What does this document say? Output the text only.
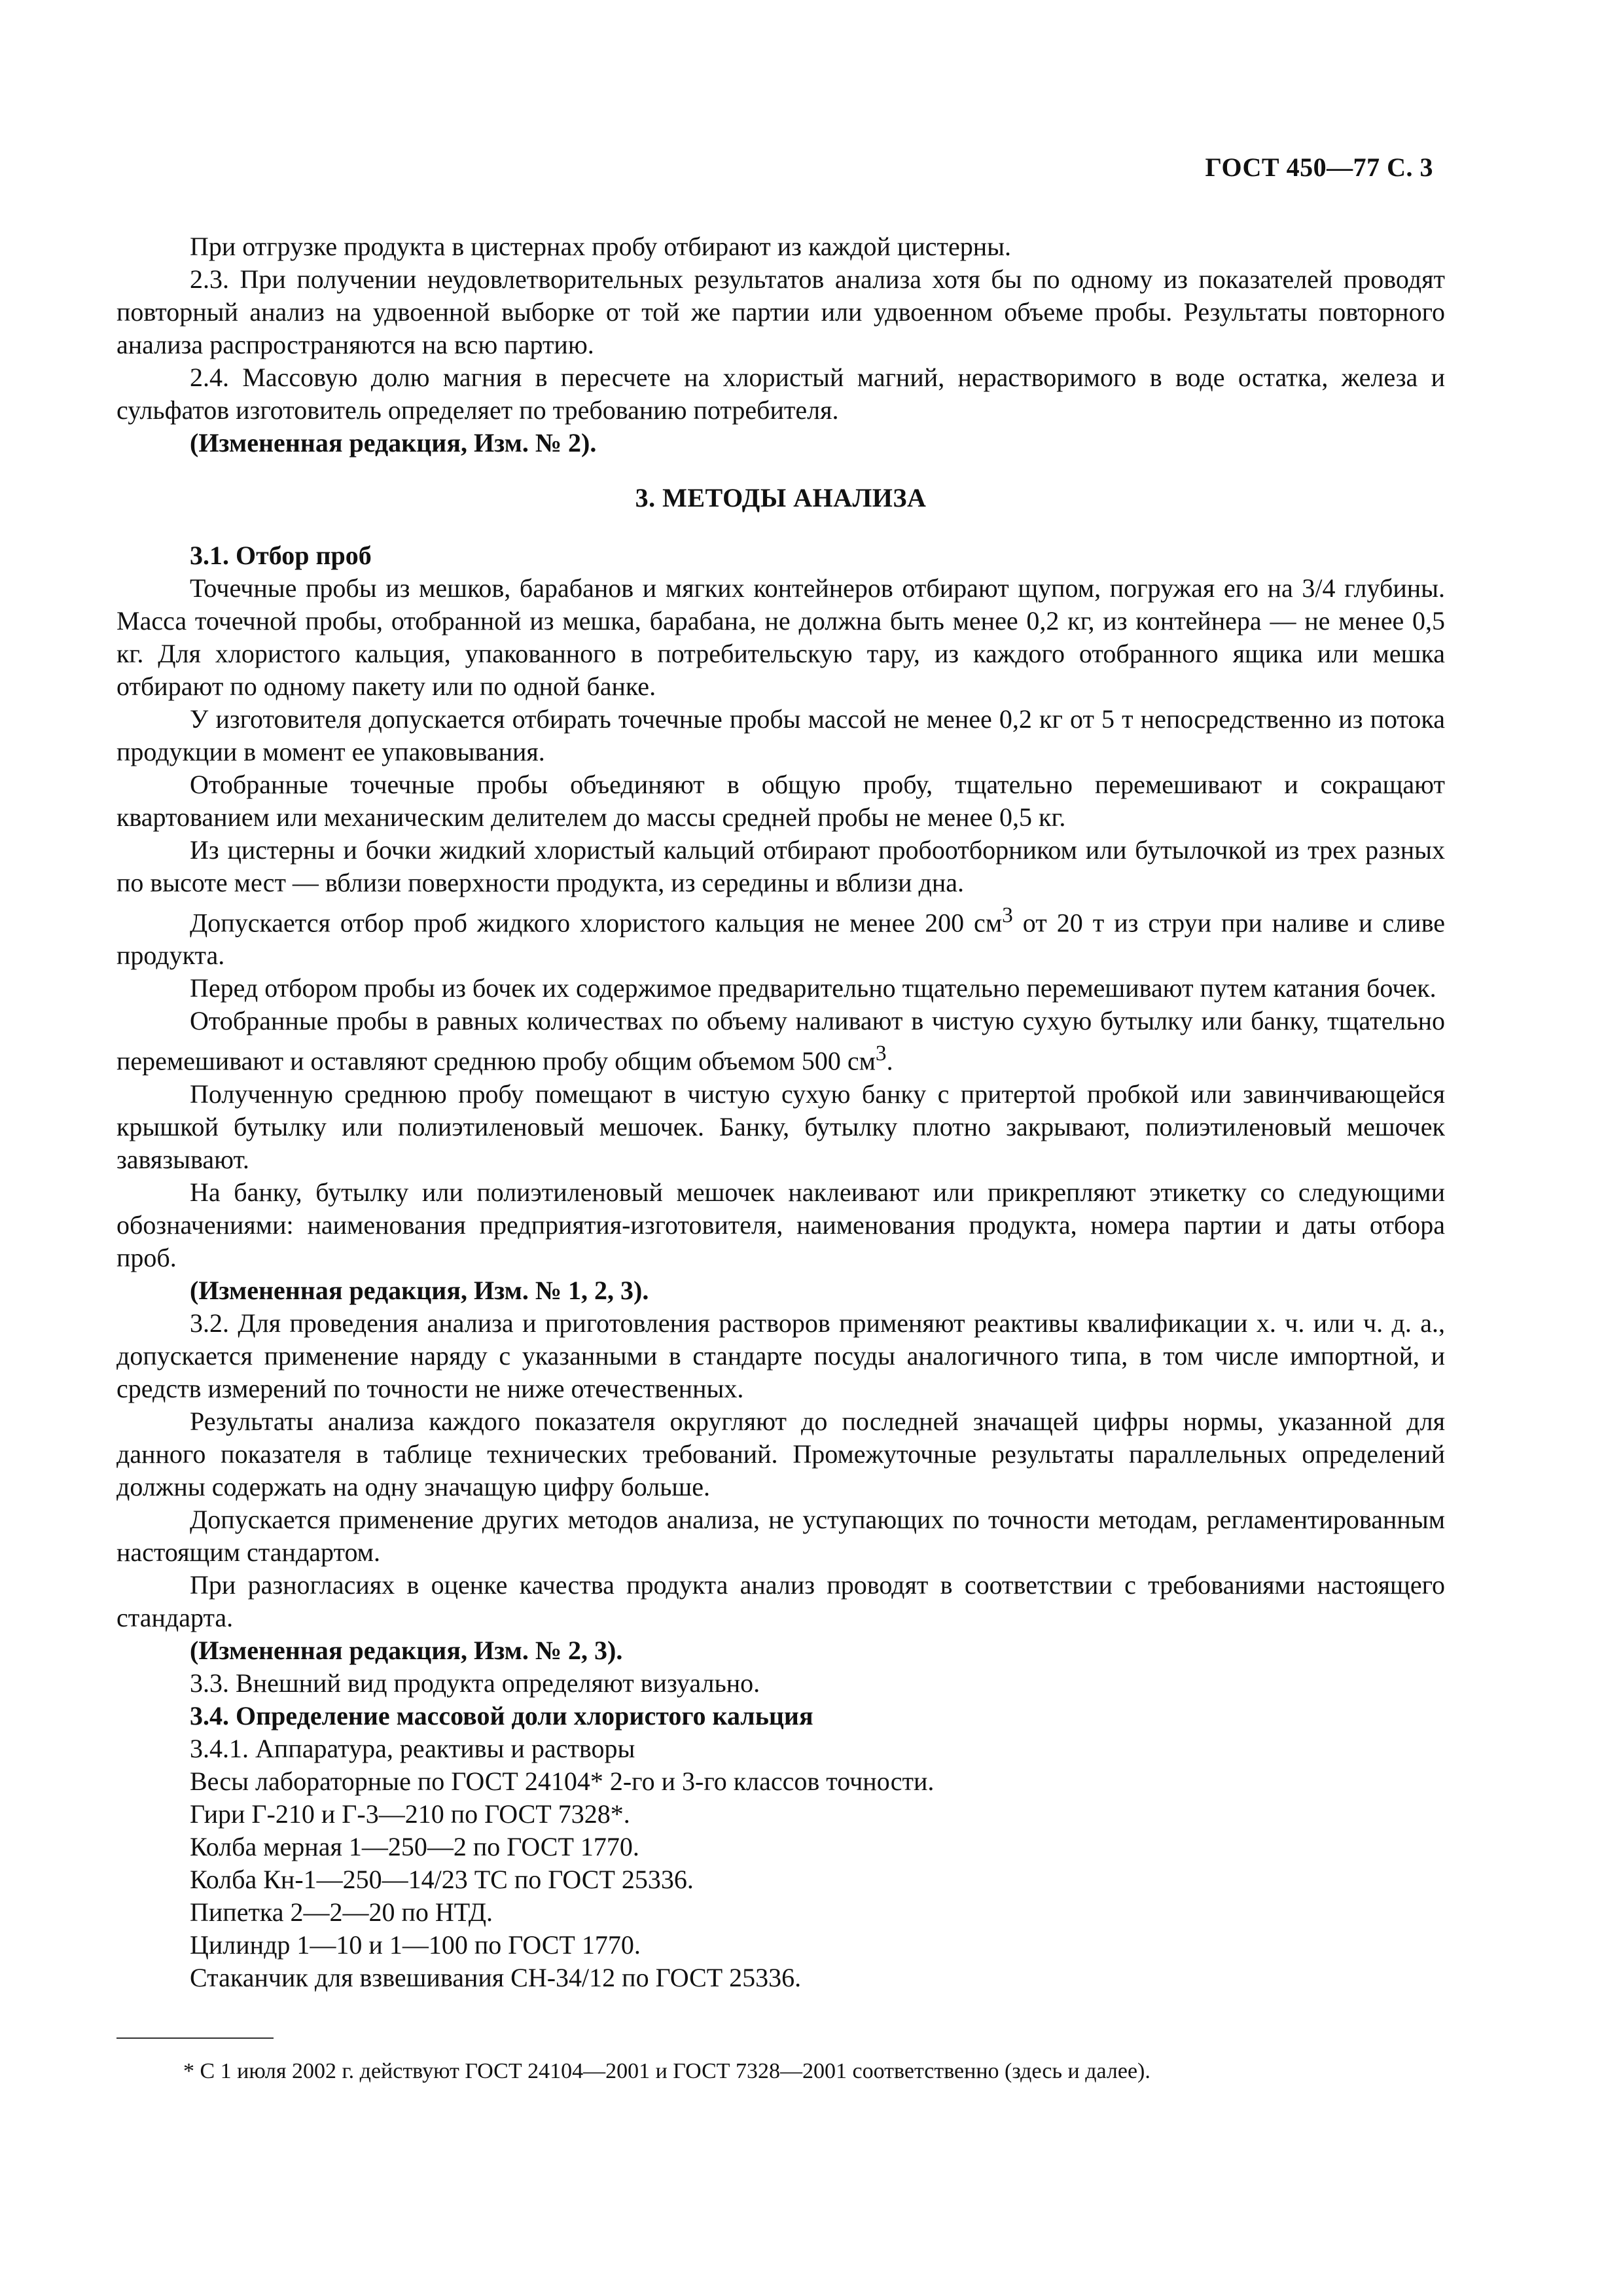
ГОСТ 450—77 С. 3

При отгрузке продукта в цистернах пробу отбирают из каждой цистерны.

2.3. При получении неудовлетворительных результатов анализа хотя бы по одному из показателей проводят повторный анализ на удвоенной выборке от той же партии или удвоенном объеме пробы. Результаты повторного анализа распространяются на всю партию.

2.4. Массовую долю магния в пересчете на хлористый магний, нерастворимого в воде остатка, железа и сульфатов изготовитель определяет по требованию потребителя.

(Измененная редакция, Изм. № 2).

3. МЕТОДЫ АНАЛИЗА

3.1. Отбор проб

Точечные пробы из мешков, барабанов и мягких контейнеров отбирают щупом, погружая его на 3/4 глубины. Масса точечной пробы, отобранной из мешка, барабана, не должна быть менее 0,2 кг, из контейнера — не менее 0,5 кг. Для хлористого кальция, упакованного в потребительскую тару, из каждого отобранного ящика или мешка отбирают по одному пакету или по одной банке.

У изготовителя допускается отбирать точечные пробы массой не менее 0,2 кг от 5 т непосредственно из потока продукции в момент ее упаковывания.

Отобранные точечные пробы объединяют в общую пробу, тщательно перемешивают и сокращают квартованием или механическим делителем до массы средней пробы не менее 0,5 кг.

Из цистерны и бочки жидкий хлористый кальций отбирают пробоотборником или бутылочкой из трех разных по высоте мест — вблизи поверхности продукта, из середины и вблизи дна.

Допускается отбор проб жидкого хлористого кальция не менее 200 $см^3$ от 20 т из струи при наливе и сливе продукта.

Перед отбором пробы из бочек их содержимое предварительно тщательно перемешивают путем катания бочек.

Отобранные пробы в равных количествах по объему наливают в чистую сухую бутылку или банку, тщательно перемешивают и оставляют среднюю пробу общим объемом 500 $см^3$.

Полученную среднюю пробу помещают в чистую сухую банку с притертой пробкой или завинчивающейся крышкой бутылку или полиэтиленовый мешочек. Банку, бутылку плотно закрывают, полиэтиленовый мешочек завязывают.

На банку, бутылку или полиэтиленовый мешочек наклеивают или прикрепляют этикетку со следующими обозначениями: наименования предприятия-изготовителя, наименования продукта, номера партии и даты отбора проб.

(Измененная редакция, Изм. № 1, 2, 3).

3.2. Для проведения анализа и приготовления растворов применяют реактивы квалификации х. ч. или ч. д. а., допускается применение наряду с указанными в стандарте посуды аналогичного типа, в том числе импортной, и средств измерений по точности не ниже отечественных.

Результаты анализа каждого показателя округляют до последней значащей цифры нормы, указанной для данного показателя в таблице технических требований. Промежуточные результаты параллельных определений должны содержать на одну значащую цифру больше.

Допускается применение других методов анализа, не уступающих по точности методам, регламентированным настоящим стандартом.

При разногласиях в оценке качества продукта анализ проводят в соответствии с требованиями настоящего стандарта.

(Измененная редакция, Изм. № 2, 3).

3.3. Внешний вид продукта определяют визуально.

3.4. Определение массовой доли хлористого кальция

3.4.1. Аппаратура, реактивы и растворы

Весы лабораторные по ГОСТ 24104* 2-го и 3-го классов точности.

Гири Г-210 и Г-3—210 по ГОСТ 7328*.

Колба мерная 1—250—2 по ГОСТ 1770.

Колба Кн-1—250—14/23 ТС по ГОСТ 25336.

Пипетка 2—2—20 по НТД.

Цилиндр 1—10 и 1—100 по ГОСТ 1770.

Стаканчик для взвешивания СН-34/12 по ГОСТ 25336.

* С 1 июля 2002 г. действуют ГОСТ 24104—2001 и ГОСТ 7328—2001 соответственно (здесь и далее).
